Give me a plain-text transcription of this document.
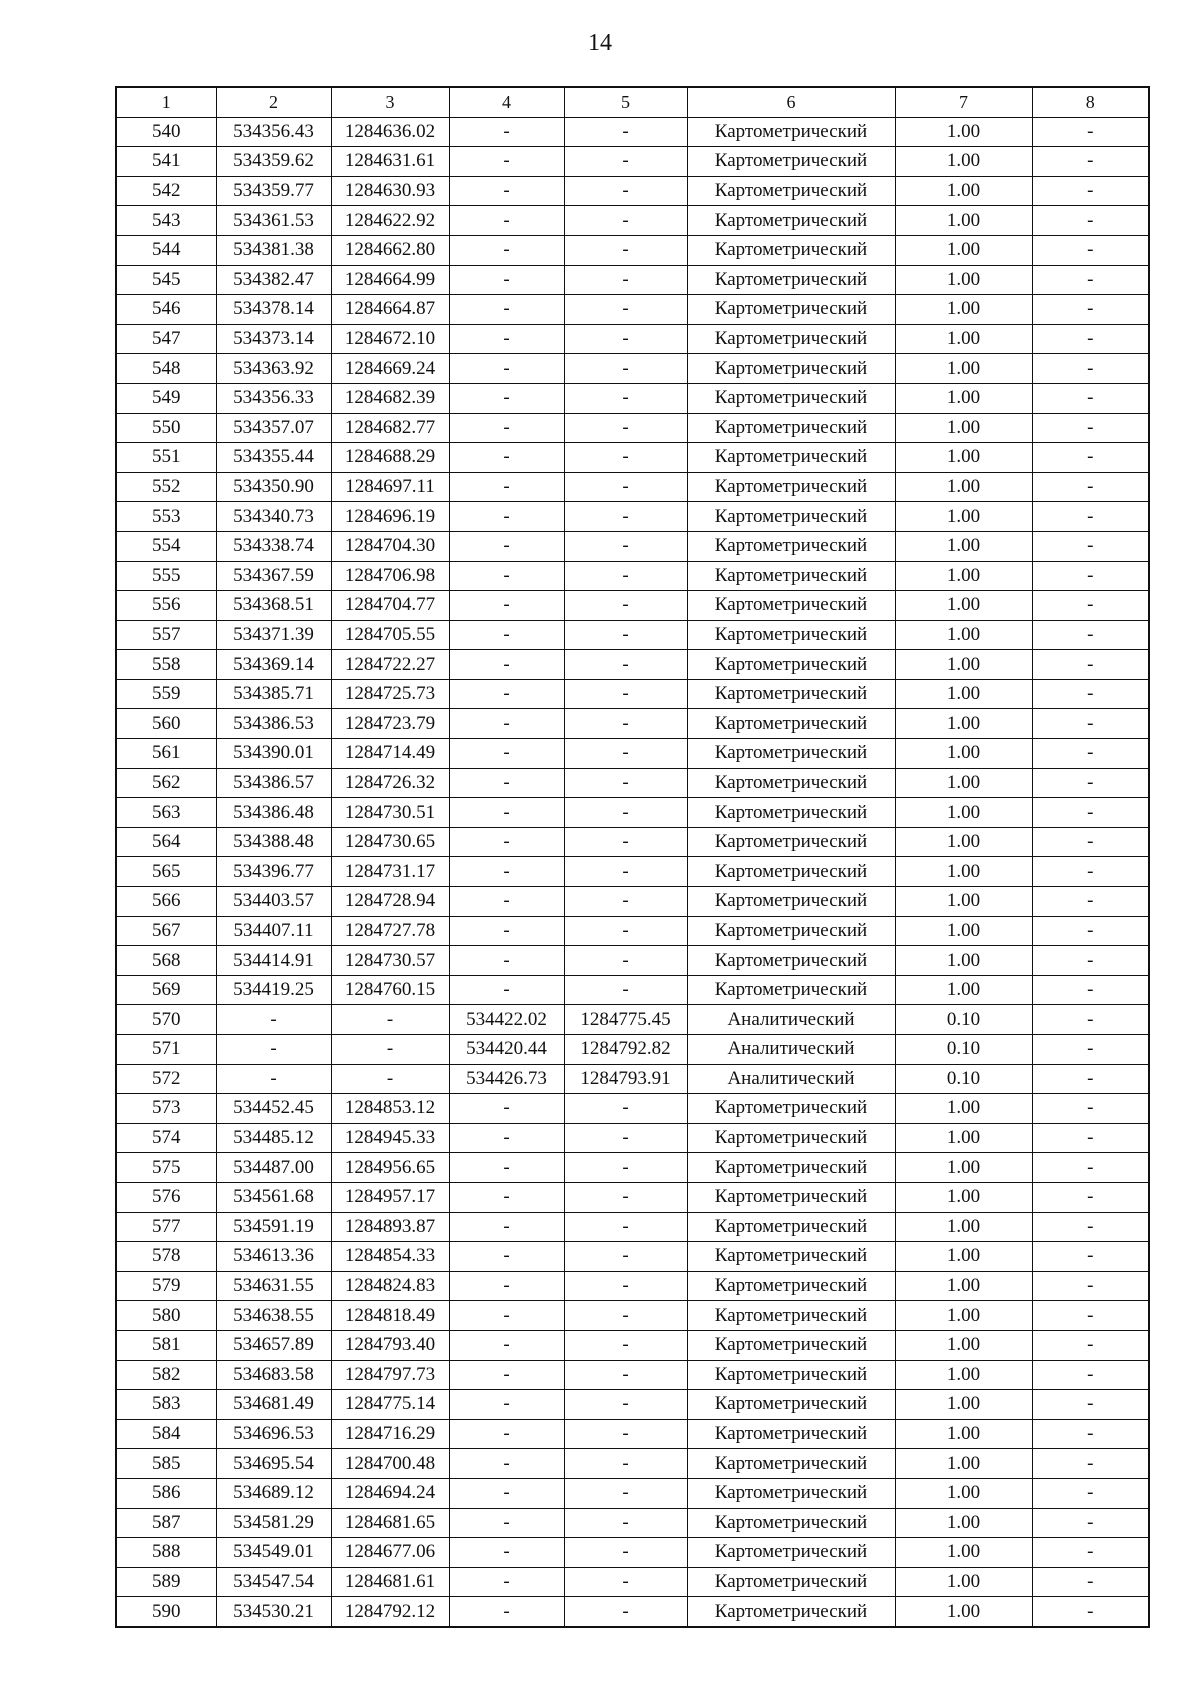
14
1	2	3	4	5	6	7	8
540	534356.43	1284636.02	-	-	Картометрический	1.00	-
541	534359.62	1284631.61	-	-	Картометрический	1.00	-
542	534359.77	1284630.93	-	-	Картометрический	1.00	-
543	534361.53	1284622.92	-	-	Картометрический	1.00	-
544	534381.38	1284662.80	-	-	Картометрический	1.00	-
545	534382.47	1284664.99	-	-	Картометрический	1.00	-
546	534378.14	1284664.87	-	-	Картометрический	1.00	-
547	534373.14	1284672.10	-	-	Картометрический	1.00	-
548	534363.92	1284669.24	-	-	Картометрический	1.00	-
549	534356.33	1284682.39	-	-	Картометрический	1.00	-
550	534357.07	1284682.77	-	-	Картометрический	1.00	-
551	534355.44	1284688.29	-	-	Картометрический	1.00	-
552	534350.90	1284697.11	-	-	Картометрический	1.00	-
553	534340.73	1284696.19	-	-	Картометрический	1.00	-
554	534338.74	1284704.30	-	-	Картометрический	1.00	-
555	534367.59	1284706.98	-	-	Картометрический	1.00	-
556	534368.51	1284704.77	-	-	Картометрический	1.00	-
557	534371.39	1284705.55	-	-	Картометрический	1.00	-
558	534369.14	1284722.27	-	-	Картометрический	1.00	-
559	534385.71	1284725.73	-	-	Картометрический	1.00	-
560	534386.53	1284723.79	-	-	Картометрический	1.00	-
561	534390.01	1284714.49	-	-	Картометрический	1.00	-
562	534386.57	1284726.32	-	-	Картометрический	1.00	-
563	534386.48	1284730.51	-	-	Картометрический	1.00	-
564	534388.48	1284730.65	-	-	Картометрический	1.00	-
565	534396.77	1284731.17	-	-	Картометрический	1.00	-
566	534403.57	1284728.94	-	-	Картометрический	1.00	-
567	534407.11	1284727.78	-	-	Картометрический	1.00	-
568	534414.91	1284730.57	-	-	Картометрический	1.00	-
569	534419.25	1284760.15	-	-	Картометрический	1.00	-
570	-	-	534422.02	1284775.45	Аналитический	0.10	-
571	-	-	534420.44	1284792.82	Аналитический	0.10	-
572	-	-	534426.73	1284793.91	Аналитический	0.10	-
573	534452.45	1284853.12	-	-	Картометрический	1.00	-
574	534485.12	1284945.33	-	-	Картометрический	1.00	-
575	534487.00	1284956.65	-	-	Картометрический	1.00	-
576	534561.68	1284957.17	-	-	Картометрический	1.00	-
577	534591.19	1284893.87	-	-	Картометрический	1.00	-
578	534613.36	1284854.33	-	-	Картометрический	1.00	-
579	534631.55	1284824.83	-	-	Картометрический	1.00	-
580	534638.55	1284818.49	-	-	Картометрический	1.00	-
581	534657.89	1284793.40	-	-	Картометрический	1.00	-
582	534683.58	1284797.73	-	-	Картометрический	1.00	-
583	534681.49	1284775.14	-	-	Картометрический	1.00	-
584	534696.53	1284716.29	-	-	Картометрический	1.00	-
585	534695.54	1284700.48	-	-	Картометрический	1.00	-
586	534689.12	1284694.24	-	-	Картометрический	1.00	-
587	534581.29	1284681.65	-	-	Картометрический	1.00	-
588	534549.01	1284677.06	-	-	Картометрический	1.00	-
589	534547.54	1284681.61	-	-	Картометрический	1.00	-
590	534530.21	1284792.12	-	-	Картометрический	1.00	-
